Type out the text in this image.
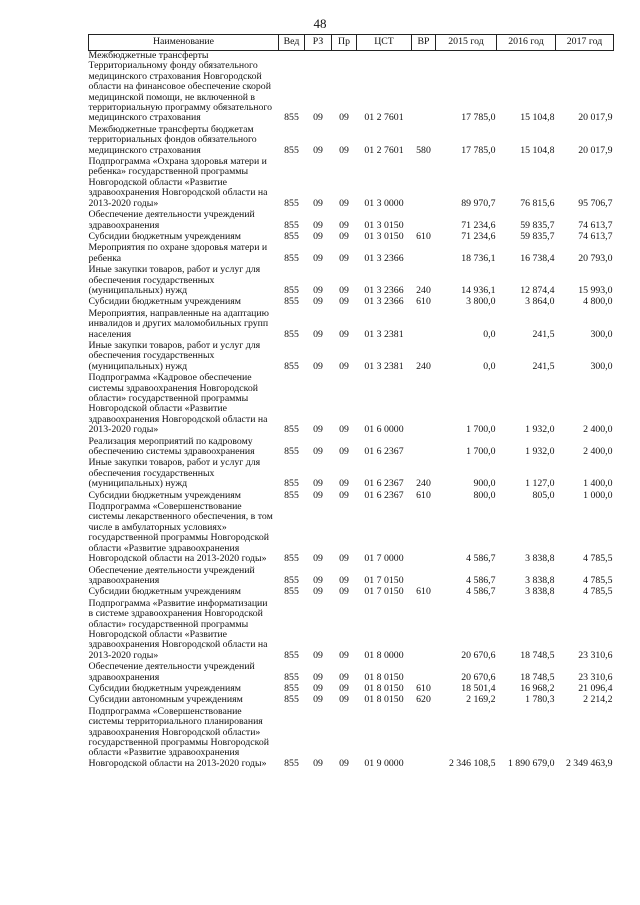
48
Наименование	Вед	РЗ	Пр	ЦСТ	ВР	2015 год	2016 год	2017 год
Межбюджетные трансферты Территориальному фонду обязательного медицинского страхования Новгородской области на финансовое обеспечение скорой медицинской помощи, не включенной в территориальную программу обязательного медицинского страхования	855	09	09	01 2 7601		17 785,0	15 104,8	20 017,9
Межбюджетные трансферты бюджетам территориальных фондов обязательного медицинского страхования	855	09	09	01 2 7601	580	17 785,0	15 104,8	20 017,9
Подпрограмма «Охрана здоровья матери и ребенка» государственной программы Новгородской области «Развитие здравоохранения Новгородской области на 2013-2020 годы»	855	09	09	01 3 0000		89 970,7	76 815,6	95 706,7
Обеспечение деятельности учреждений здравоохранения	855	09	09	01 3 0150		71 234,6	59 835,7	74 613,7
Субсидии бюджетным учреждениям	855	09	09	01 3 0150	610	71 234,6	59 835,7	74 613,7
Мероприятия по охране здоровья матери и ребенка	855	09	09	01 3 2366		18 736,1	16 738,4	20 793,0
Иные закупки товаров, работ и услуг для обеспечения государственных (муниципальных) нужд	855	09	09	01 3 2366	240	14 936,1	12 874,4	15 993,0
Субсидии бюджетным учреждениям	855	09	09	01 3 2366	610	3 800,0	3 864,0	4 800,0
Мероприятия, направленные на адаптацию инвалидов и других маломобильных групп населения	855	09	09	01 3 2381		0,0	241,5	300,0
Иные закупки товаров, работ и услуг для обеспечения государственных (муниципальных) нужд	855	09	09	01 3 2381	240	0,0	241,5	300,0
Подпрограмма «Кадровое обеспечение системы здравоохранения Новгородской области» государственной программы Новгородской области «Развитие здравоохранения Новгородской области на 2013-2020 годы»	855	09	09	01 6 0000		1 700,0	1 932,0	2 400,0
Реализация мероприятий по кадровому обеспечению системы здравоохранения	855	09	09	01 6 2367		1 700,0	1 932,0	2 400,0
Иные закупки товаров, работ и услуг для обеспечения государственных (муниципальных) нужд	855	09	09	01 6 2367	240	900,0	1 127,0	1 400,0
Субсидии бюджетным учреждениям	855	09	09	01 6 2367	610	800,0	805,0	1 000,0
Подпрограмма «Совершенствование системы лекарственного обеспечения, в том числе в амбулаторных условиях» государственной программы Новгородской области «Развитие здравоохранения Новгородской области на 2013-2020 годы»	855	09	09	01 7 0000		4 586,7	3 838,8	4 785,5
Обеспечение деятельности учреждений здравоохранения	855	09	09	01 7 0150		4 586,7	3 838,8	4 785,5
Субсидии бюджетным учреждениям	855	09	09	01 7 0150	610	4 586,7	3 838,8	4 785,5
Подпрограмма «Развитие информатизации в системе здравоохранения Новгородской области» государственной программы Новгородской области «Развитие здравоохранения Новгородской области на 2013-2020 годы»	855	09	09	01 8 0000		20 670,6	18 748,5	23 310,6
Обеспечение деятельности учреждений здравоохранения	855	09	09	01 8 0150		20 670,6	18 748,5	23 310,6
Субсидии бюджетным учреждениям	855	09	09	01 8 0150	610	18 501,4	16 968,2	21 096,4
Субсидии автономным учреждениям	855	09	09	01 8 0150	620	2 169,2	1 780,3	2 214,2
Подпрограмма «Совершенствование системы территориального планирования здравоохранения Новгородской области» государственной программы Новгородской области «Развитие здравоохранения Новгородской области на 2013-2020 годы»	855	09	09	01 9 0000		2 346 108,5	1 890 679,0	2 349 463,9
